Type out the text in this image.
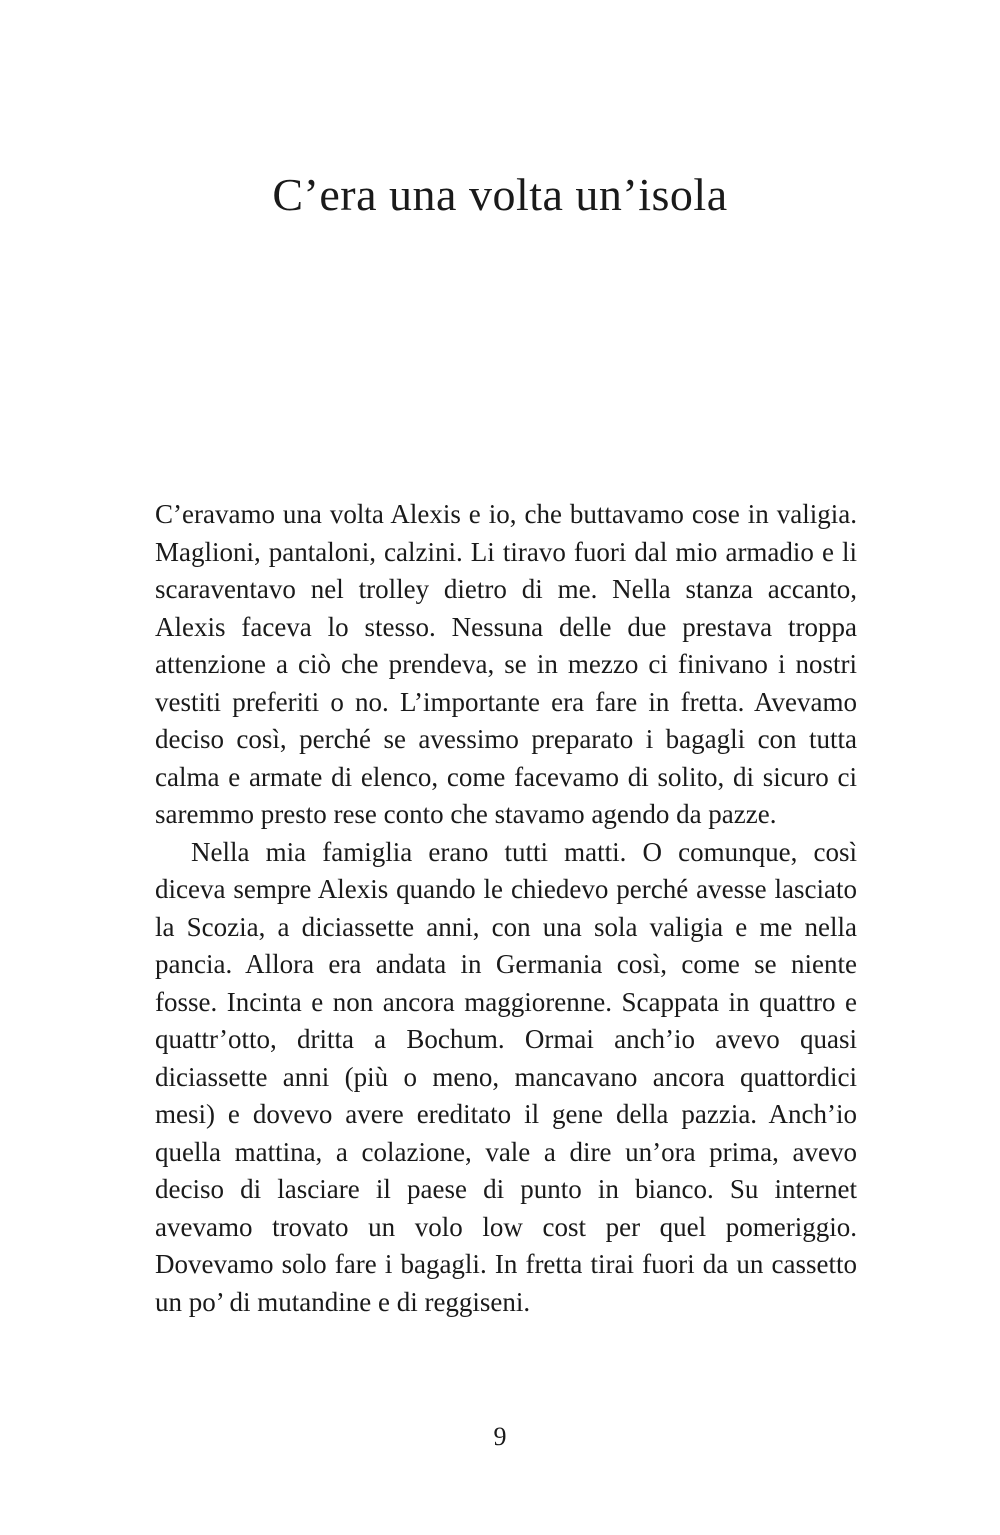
C’era una volta un’isola

C’eravamo una volta Alexis e io, che buttavamo cose in valigia. Maglioni, pantaloni, calzini. Li tiravo fuori dal mio armadio e li scaraventavo nel trolley dietro di me. Nella stanza accanto, Alexis faceva lo stesso. Nessuna delle due prestava troppa attenzione a ciò che prendeva, se in mezzo ci finivano i nostri vestiti preferiti o no. L’importante era fare in fretta. Avevamo deciso così, perché se avessimo preparato i bagagli con tutta calma e armate di elenco, come facevamo di solito, di sicuro ci saremmo presto rese conto che stavamo agendo da pazze.

Nella mia famiglia erano tutti matti. O comunque, così diceva sempre Alexis quando le chiedevo perché avesse lasciato la Scozia, a diciassette anni, con una sola valigia e me nella pancia. Allora era andata in Germania così, come se niente fosse. Incinta e non ancora maggiorenne. Scappata in quattro e quattr’otto, dritta a Bochum. Ormai anch’io avevo quasi diciassette anni (più o meno, mancavano ancora quattordici mesi) e dovevo avere ereditato il gene della pazzia. Anch’io quella mattina, a colazione, vale a dire un’ora prima, avevo deciso di lasciare il paese di punto in bianco. Su internet avevamo trovato un volo low cost per quel pomeriggio. Dovevamo solo fare i bagagli. In fretta tirai fuori da un cassetto un po’ di mutandine e di reggiseni.

9
